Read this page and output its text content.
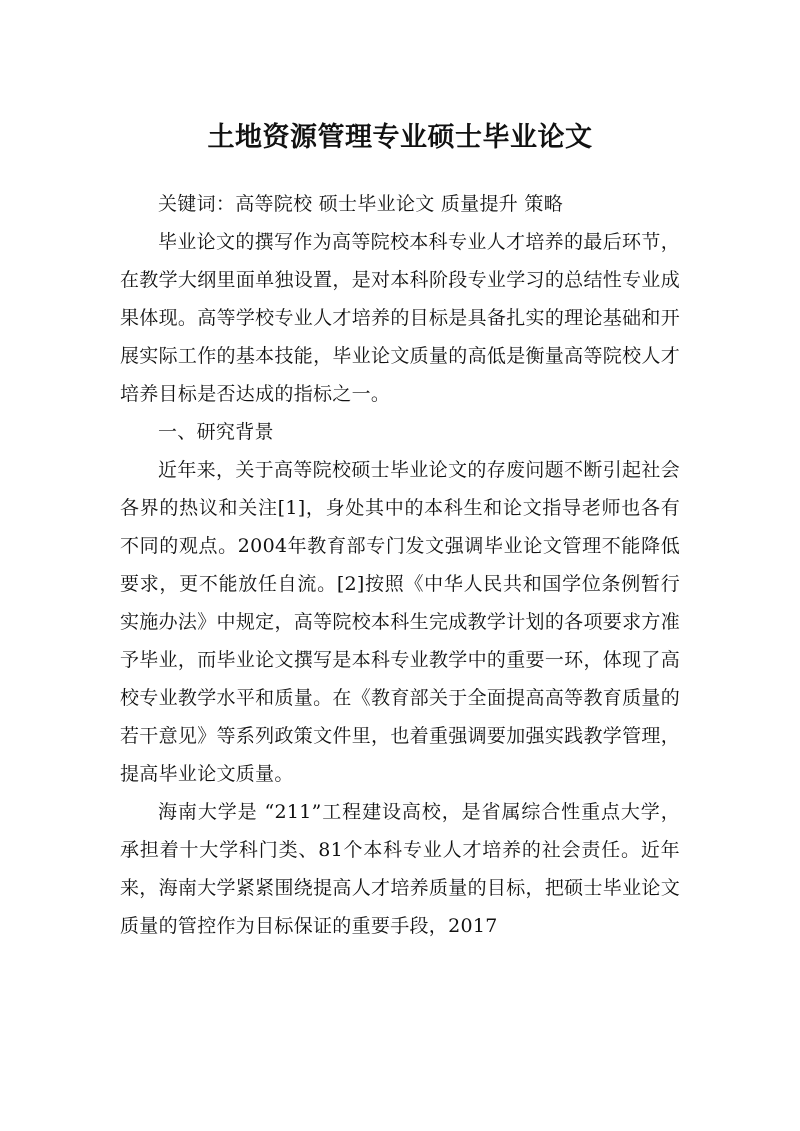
土地资源管理专业硕士毕业论文

关键词：高等院校 硕士毕业论文 质量提升 策略

毕业论文的撰写作为高等院校本科专业人才培养的最后环节，在教学大纲里面单独设置，是对本科阶段专业学习的总结性专业成果体现。高等学校专业人才培养的目标是具备扎实的理论基础和开展实际工作的基本技能，毕业论文质量的高低是衡量高等院校人才培养目标是否达成的指标之一。

一、研究背景

近年来，关于高等院校硕士毕业论文的存废问题不断引起社会各界的热议和关注[1]，身处其中的本科生和论文指导老师也各有不同的观点。2004年教育部专门发文强调毕业论文管理不能降低要求，更不能放任自流。[2]按照《中华人民共和国学位条例暂行实施办法》中规定，高等院校本科生完成教学计划的各项要求方准予毕业，而毕业论文撰写是本科专业教学中的重要一环，体现了高校专业教学水平和质量。在《教育部关于全面提高高等教育质量的若干意见》等系列政策文件里，也着重强调要加强实践教学管理，提高毕业论文质量。

海南大学是 “211”工程建设高校，是省属综合性重点大学，承担着十大学科门类、81个本科专业人才培养的社会责任。近年来，海南大学紧紧围绕提高人才培养质量的目标，把硕士毕业论文质量的管控作为目标保证的重要手段，2017
